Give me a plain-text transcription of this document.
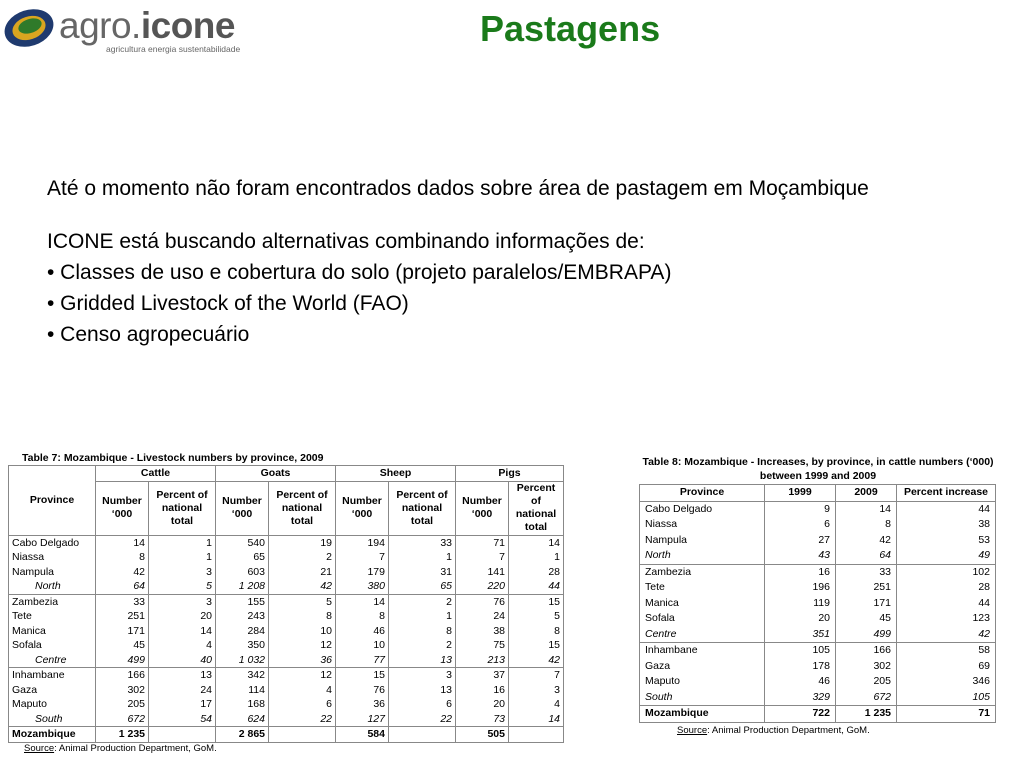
agro.icone
agricultura energia sustentabilidade	Pastagens
Até o momento não foram encontrados dados sobre área de pastagem em Moçambique
ICONE está buscando alternativas combinando informações de:
• Classes de uso e cobertura do solo (projeto paralelos/EMBRAPA)
• Gridded Livestock of the World (FAO)
• Censo agropecuário
Table 7: Mozambique - Livestock numbers by province, 2009
Province	Cattle		Goats		Sheep		Pigs	
	Number ‘000	Percent of national total	Number ‘000	Percent of national total	Number ‘000	Percent of national total	Number ‘000	Percent of national total
Cabo Delgado	14	1	540	19	194	33	71	14
Niassa	8	1	65	2	7	1	7	1
Nampula	42	3	603	21	179	31	141	28
North	64	5	1 208	42	380	65	220	44
Zambezia	33	3	155	5	14	2	76	15
Tete	251	20	243	8	8	1	24	5
Manica	171	14	284	10	46	8	38	8
Sofala	45	4	350	12	10	2	75	15
Centre	499	40	1 032	36	77	13	213	42
Inhambane	166	13	342	12	15	3	37	7
Gaza	302	24	114	4	76	13	16	3
Maputo	205	17	168	6	36	6	20	4
South	672	54	624	22	127	22	73	14
Mozambique	1 235		2 865		584		505	
Source: Animal Production Department, GoM.
Table 8: Mozambique - Increases, by province, in cattle numbers (‘000)
between 1999 and 2009
Province	1999	2009	Percent increase
Cabo Delgado	9	14	44
Niassa	6	8	38
Nampula	27	42	53
North	43	64	49
Zambezia	16	33	102
Tete	196	251	28
Manica	119	171	44
Sofala	20	45	123
Centre	351	499	42
Inhambane	105	166	58
Gaza	178	302	69
Maputo	46	205	346
South	329	672	105
Mozambique	722	1 235	71
Source: Animal Production Department, GoM.
